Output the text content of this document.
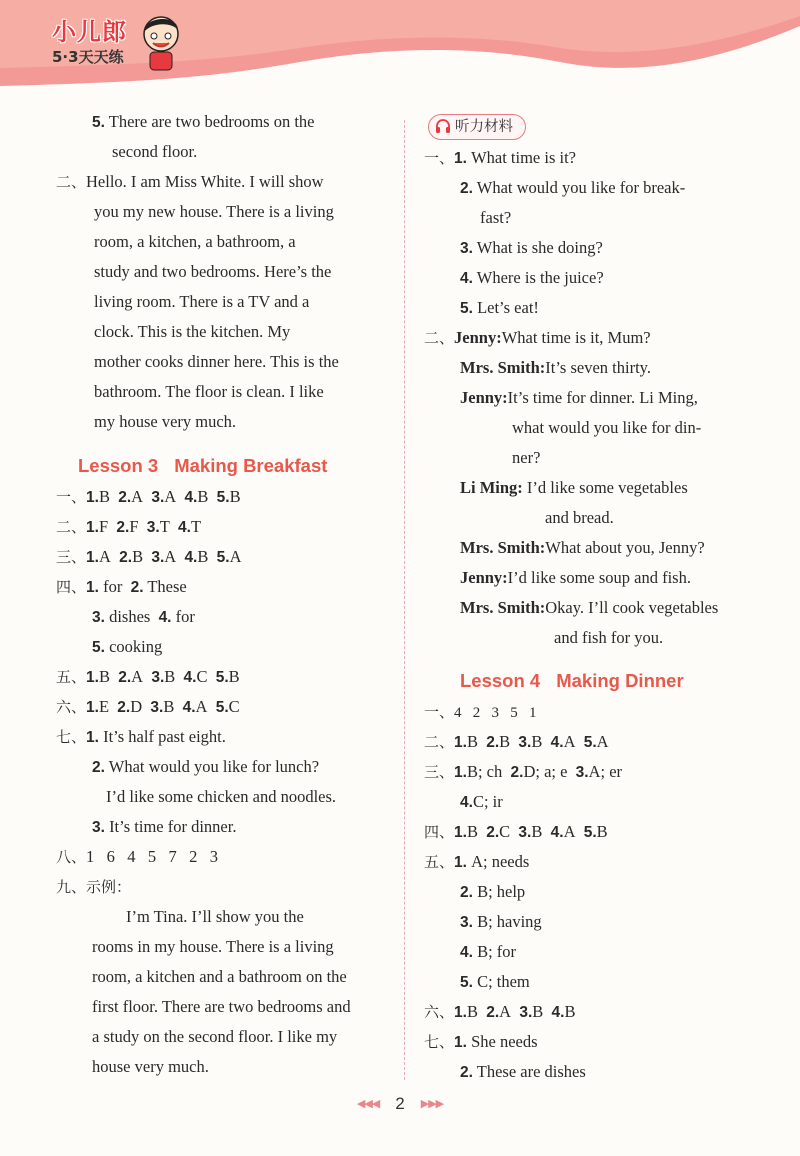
小儿郎
5·3天天练
5. There are two bedrooms on the
second floor.
二、Hello. I am Miss White. I will show
you my new house. There is a living
room, a kitchen, a bathroom, a
study and two bedrooms. Here’s the
living room. There is a TV and a
clock. This is the kitchen. My
mother cooks dinner here. This is the
bathroom. The floor is clean. I like
my house very much.
Lesson 3 Making Breakfast
一、1.B 2.A 3.A 4.B 5.B
二、1.F 2.F 3.T 4.T
三、1.A 2.B 3.A 4.B 5.A
四、1. for 2. These
3. dishes 4. for
5. cooking
五、1.B 2.A 3.B 4.C 5.B
六、1.E 2.D 3.B 4.A 5.C
七、1. It’s half past eight.
2. What would you like for lunch?
I’d like some chicken and noodles.
3. It’s time for dinner.
八、1   6   4   5   7   2   3
九、示例：
I’m Tina. I’ll show you the
rooms in my house. There is a living
room, a kitchen and a bathroom on the
first floor. There are two bedrooms and
a study on the second floor. I like my
house very much.
听力材料
一、1. What time is it?
2. What would you like for break-
fast?
3. What is she doing?
4. Where is the juice?
5. Let’s eat!
二、Jenny:What time is it, Mum?
Mrs. Smith:It’s seven thirty.
Jenny:It’s time for dinner. Li Ming,
what would you like for din-
ner?
Li Ming: I’d like some vegetables
and bread.
Mrs. Smith:What about you, Jenny?
Jenny:I’d like some soup and fish.
Mrs. Smith:Okay. I’ll cook vegetables
and fish for you.
Lesson 4 Making Dinner
一、4   2   3   5   1
二、1.B 2.B 3.B 4.A 5.A
三、1.B; ch 2.D; a; e 3.A; er
4.C; ir
四、1.B 2.C 3.B 4.A 5.B
五、1. A; needs
2. B; help
3. B; having
4. B; for
5. C; them
六、1.B 2.A 3.B 4.B
七、1. She needs
2. These are dishes
◀◀◀ 2 ▶▶▶
